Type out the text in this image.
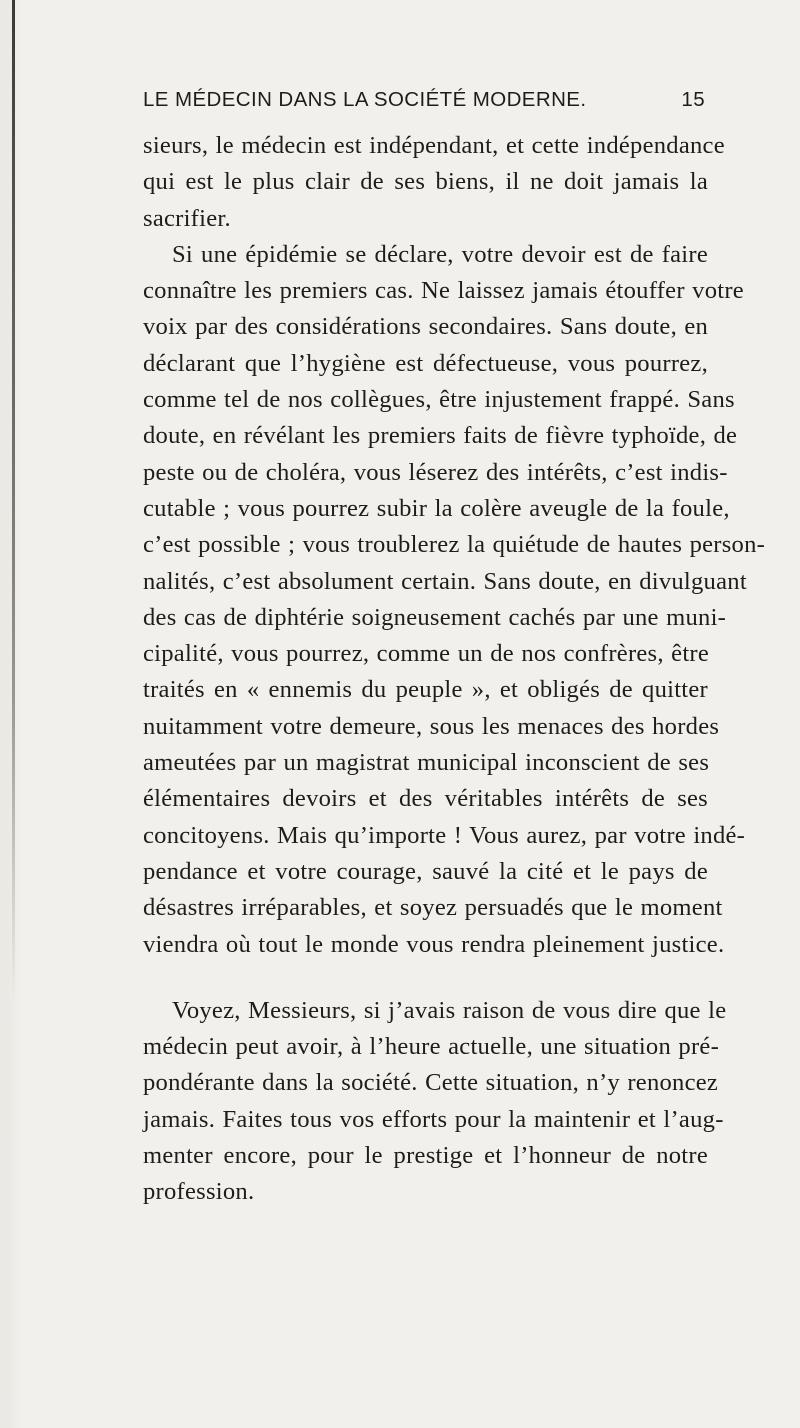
LE MÉDECIN DANS LA SOCIÉTÉ MODERNE.	15
sieurs, le médecin est indépendant, et cette indépendance
qui est le plus clair de ses biens, il ne doit jamais la
sacrifier.
Si une épidémie se déclare, votre devoir est de faire
connaître les premiers cas. Ne laissez jamais étouffer votre
voix par des considérations secondaires. Sans doute, en
déclarant que l’hygiène est défectueuse, vous pourrez,
comme tel de nos collègues, être injustement frappé. Sans
doute, en révélant les premiers faits de fièvre typhoïde, de
peste ou de choléra, vous léserez des intérêts, c’est indis-
cutable ; vous pourrez subir la colère aveugle de la foule,
c’est possible ; vous troublerez la quiétude de hautes person-
nalités, c’est absolument certain. Sans doute, en divulguant
des cas de diphtérie soigneusement cachés par une muni-
cipalité, vous pourrez, comme un de nos confrères, être
traités en « ennemis du peuple », et obligés de quitter
nuitamment votre demeure, sous les menaces des hordes
ameutées par un magistrat municipal inconscient de ses
élémentaires devoirs et des véritables intérêts de ses
concitoyens. Mais qu’importe ! Vous aurez, par votre indé-
pendance et votre courage, sauvé la cité et le pays de
désastres irréparables, et soyez persuadés que le moment
viendra où tout le monde vous rendra pleinement justice.
Voyez, Messieurs, si j’avais raison de vous dire que le
médecin peut avoir, à l’heure actuelle, une situation pré-
pondérante dans la société. Cette situation, n’y renoncez
jamais. Faites tous vos efforts pour la maintenir et l’aug-
menter encore, pour le prestige et l’honneur de notre
profession.
